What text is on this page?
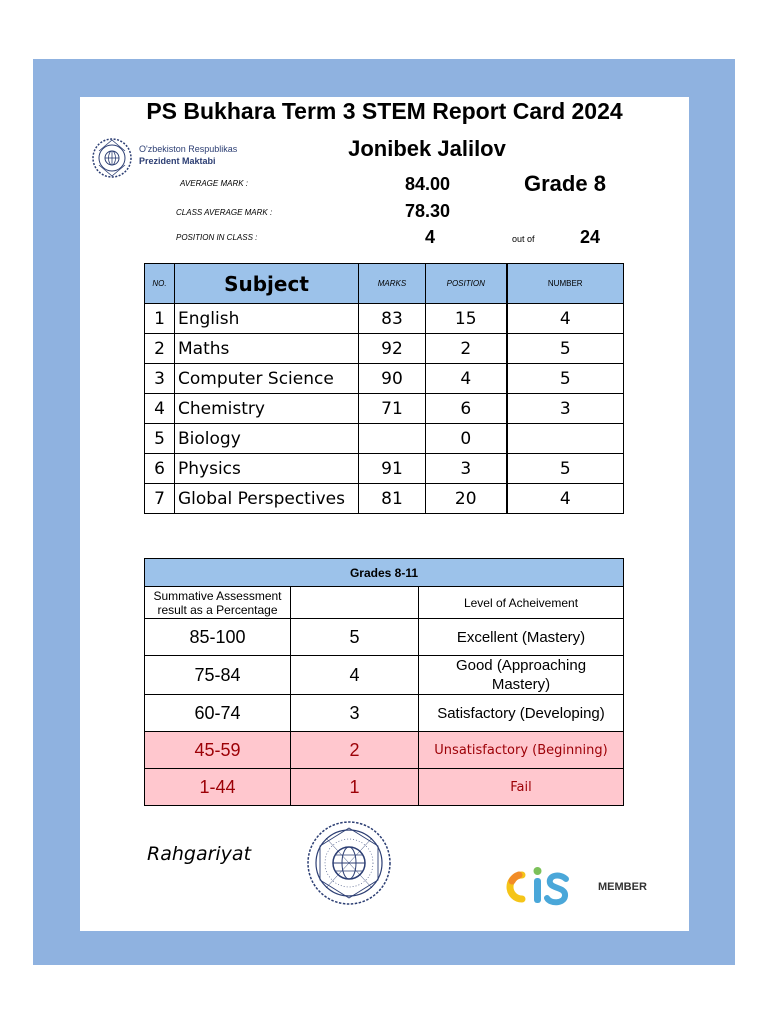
PS Bukhara Term 3 STEM Report Card 2024
Jonibek Jalilov
O'zbekiston Respublikas
Prezident Maktabi
AVERAGE MARK :	84.00	Grade 8
CLASS AVERAGE MARK :	78.30
POSITION IN CLASS :	4	out of	24
NO.	Subject	MARKS	POSITION	NUMBER
1	English	83	15	4
2	Maths	92	2	5
3	Computer Science	90	4	5
4	Chemistry	71	6	3
5	Biology		0	
6	Physics	91	3	5
7	Global Perspectives	81	20	4
Grades 8-11		
Summative Assessment result as a Percentage		Level of Acheivement
85-100	5	Excellent (Mastery)
75-84	4	Good (Approaching Mastery)
60-74	3	Satisfactory (Developing)
45-59	2	Unsatisfactory (Beginning)
1-44	1	Fail
Rahgariyat
MEMBER
